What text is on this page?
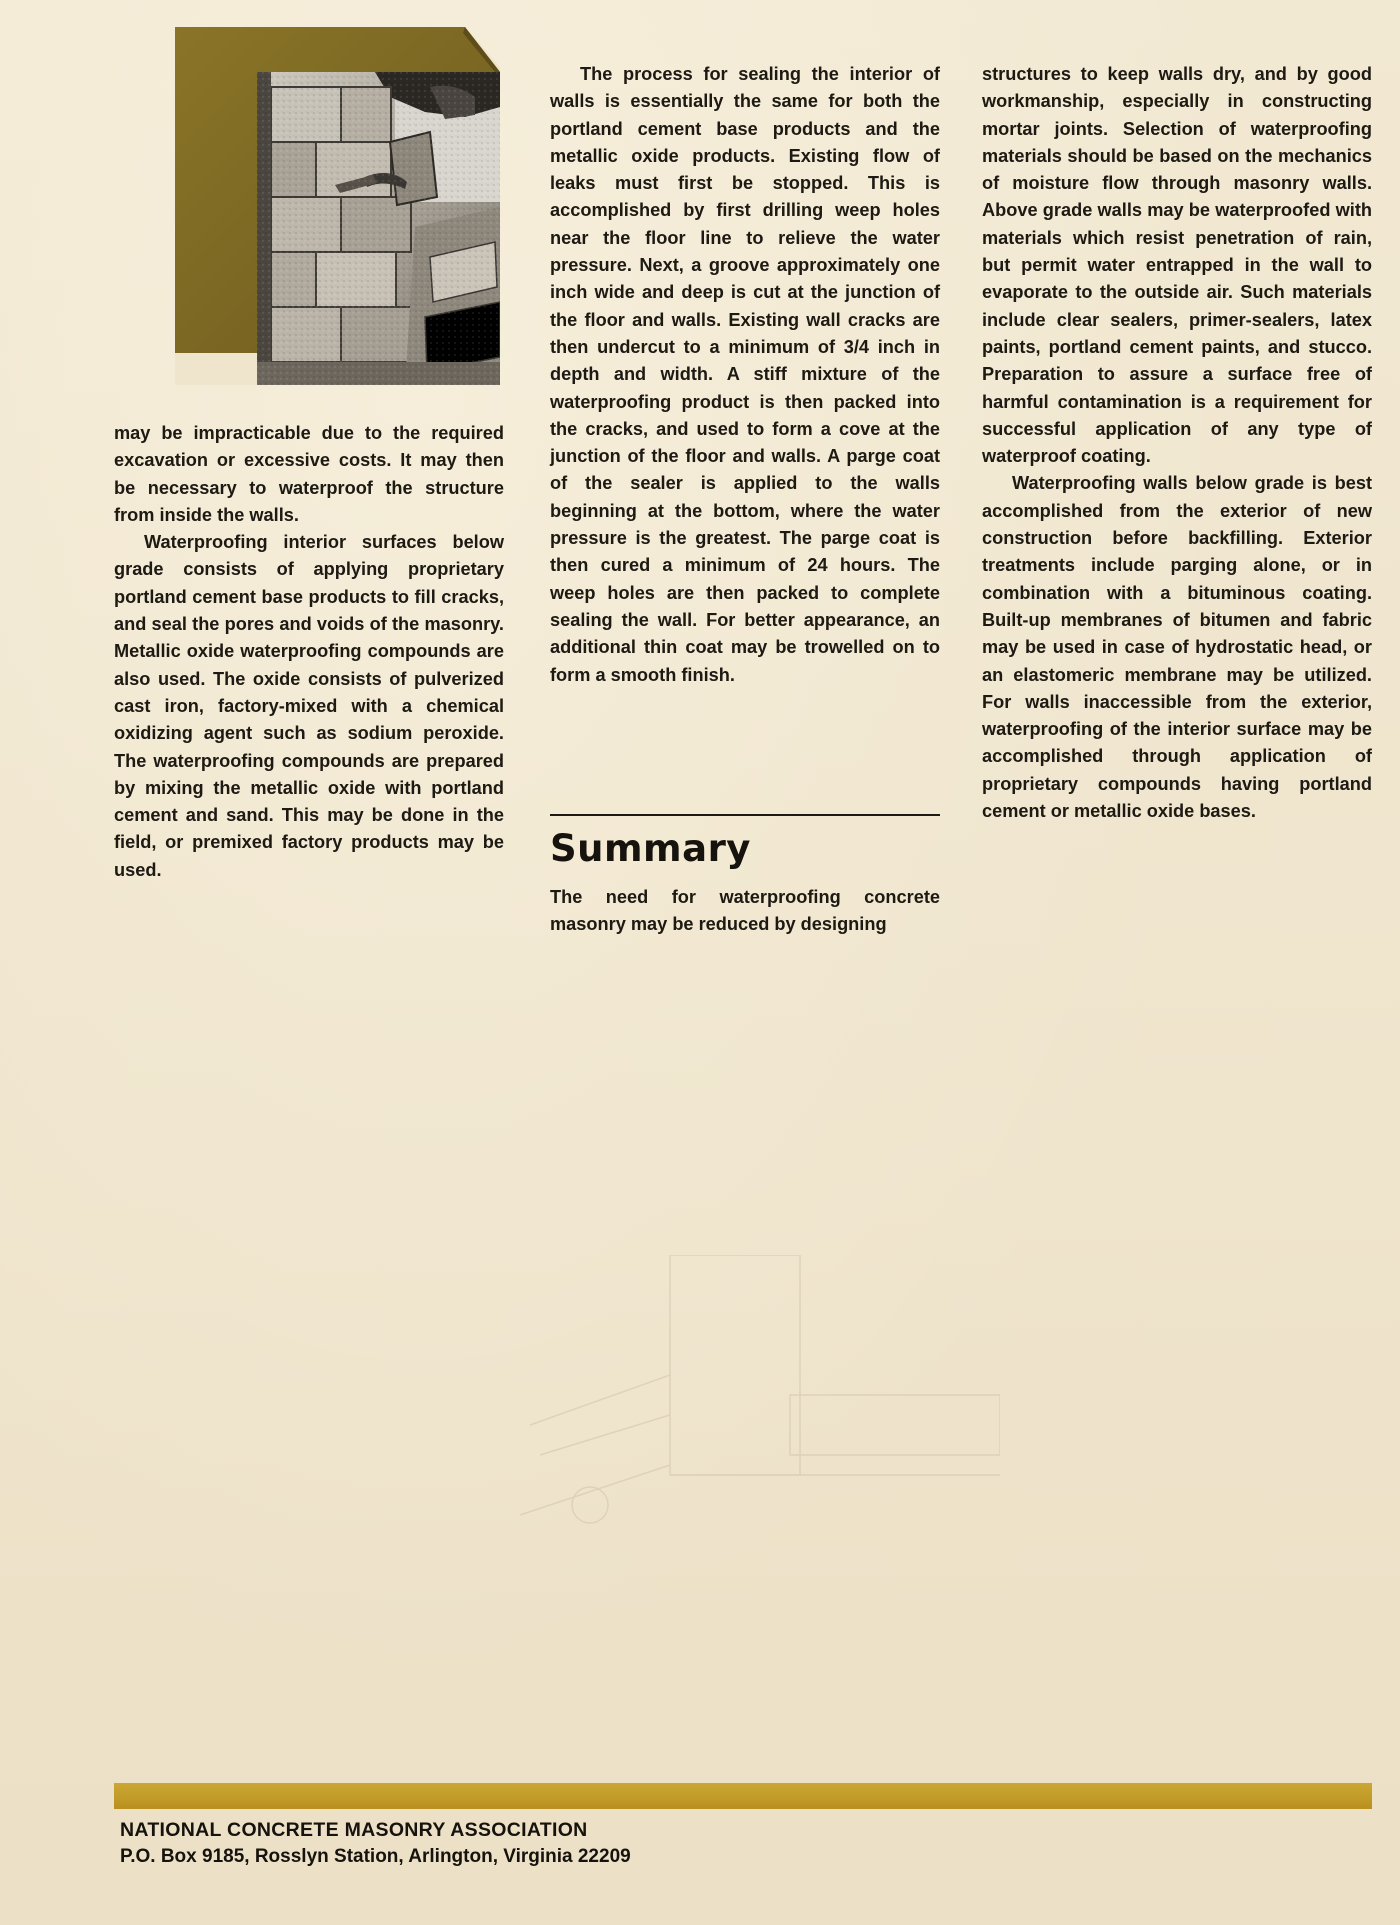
may be impracticable due to the required excavation or excessive costs. It may then be necessary to waterproof the structure from inside the walls.

Waterproofing interior surfaces below grade consists of applying proprietary portland cement base products to fill cracks, and seal the pores and voids of the masonry. Metallic oxide waterproofing compounds are also used. The oxide consists of pulverized cast iron, factory-mixed with a chemical oxidizing agent such as sodium peroxide. The waterproofing compounds are prepared by mixing the metallic oxide with portland cement and sand. This may be done in the field, or premixed factory products may be used.

The process for sealing the interior of walls is essentially the same for both the portland cement base products and the metallic oxide products. Existing flow of leaks must first be stopped. This is accomplished by first drilling weep holes near the floor line to relieve the water pressure. Next, a groove approximately one inch wide and deep is cut at the junction of the floor and walls. Existing wall cracks are then undercut to a minimum of 3/4 inch in depth and width. A stiff mixture of the waterproofing product is then packed into the cracks, and used to form a cove at the junction of the floor and walls. A parge coat of the sealer is applied to the walls beginning at the bottom, where the water pressure is the greatest. The parge coat is then cured a minimum of 24 hours. The weep holes are then packed to complete sealing the wall. For better appearance, an additional thin coat may be trowelled on to form a smooth finish.

Summary

The need for waterproofing concrete masonry may be reduced by designing

structures to keep walls dry, and by good workmanship, especially in constructing mortar joints. Selection of waterproofing materials should be based on the mechanics of moisture flow through masonry walls. Above grade walls may be waterproofed with materials which resist penetration of rain, but permit water entrapped in the wall to evaporate to the outside air. Such materials include clear sealers, primer-sealers, latex paints, portland cement paints, and stucco. Preparation to assure a surface free of harmful contamination is a requirement for successful application of any type of waterproof coating.

Waterproofing walls below grade is best accomplished from the exterior of new construction before backfilling. Exterior treatments include parging alone, or in combination with a bituminous coating. Built-up membranes of bitumen and fabric may be used in case of hydrostatic head, or an elastomeric membrane may be utilized. For walls inaccessible from the exterior, waterproofing of the interior surface may be accomplished through application of proprietary compounds having portland cement or metallic oxide bases.

NATIONAL CONCRETE MASONRY ASSOCIATION

P.O. Box 9185, Rosslyn Station, Arlington, Virginia 22209
